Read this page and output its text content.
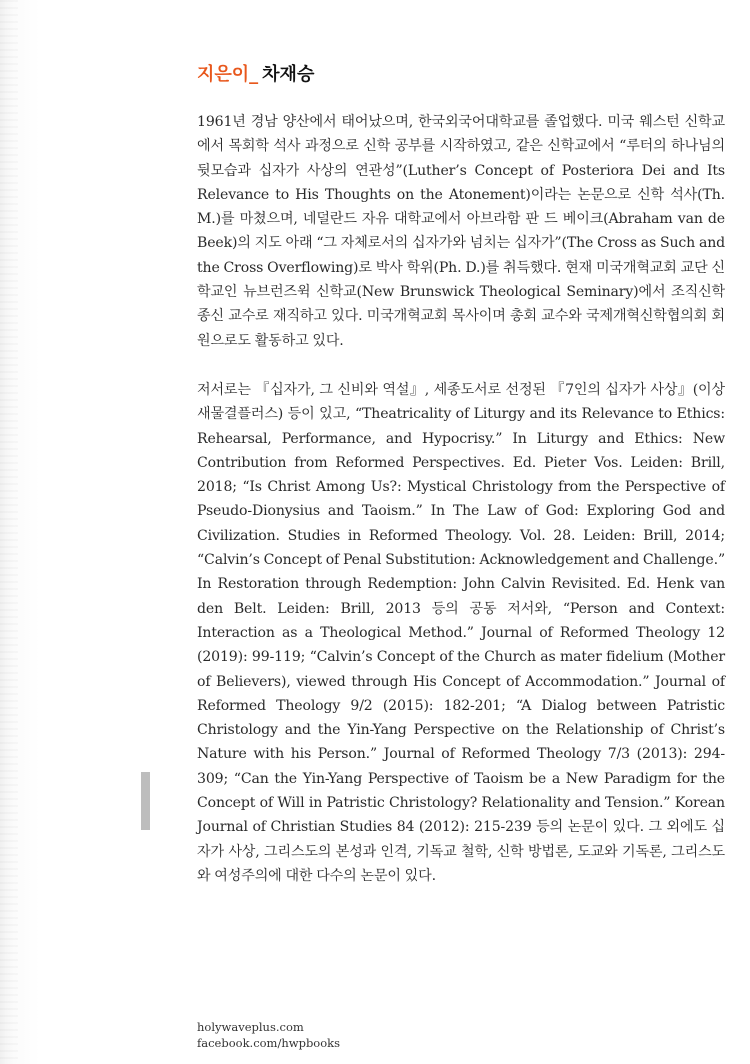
지은이_ 차재승

1961년 경남 양산에서 태어났으며, 한국외국어대학교를 졸업했다. 미국 웨스턴 신학교에서 목회학 석사 과정으로 신학 공부를 시작하였고, 같은 신학교에서 “루터의 하나님의 뒷모습과 십자가 사상의 연관성”(Luther’s Concept of Posteriora Dei and Its Relevance to His Thoughts on the Atonement)이라는 논문으로 신학 석사(Th. M.)를 마쳤으며, 네덜란드 자유 대학교에서 아브라함 판 드 베이크(Abraham van de Beek)의 지도 아래 “그 자체로서의 십자가와 넘치는 십자가”(The Cross as Such and the Cross Overflowing)로 박사 학위(Ph. D.)를 취득했다. 현재 미국개혁교회 교단 신학교인 뉴브런즈윅 신학교(New Brunswick Theological Seminary)에서 조직신학 종신 교수로 재직하고 있다. 미국개혁교회 목사이며 총회 교수와 국제개혁신학협의회 회원으로도 활동하고 있다.

저서로는 『십자가, 그 신비와 역설』, 세종도서로 선정된 『7인의 십자가 사상』(이상 새물결플러스) 등이 있고, “Theatricality of Liturgy and its Relevance to Ethics: Rehearsal, Performance, and Hypocrisy.” In Liturgy and Ethics: New Contribution from Reformed Perspectives. Ed. Pieter Vos. Leiden: Brill, 2018; “Is Christ Among Us?: Mystical Christology from the Perspective of Pseudo-Dionysius and Taoism.” In The Law of God: Exploring God and Civilization. Studies in Reformed Theology. Vol. 28. Leiden: Brill, 2014; “Calvin’s Concept of Penal Substitution: Acknowledgement and Challenge.” In Restoration through Redemption: John Calvin Revisited. Ed. Henk van den Belt. Leiden: Brill, 2013 등의 공동 저서와, “Person and Context: Interaction as a Theological Method.” Journal of Reformed Theology 12 (2019): 99-119; “Calvin’s Concept of the Church as mater fidelium (Mother of Believers), viewed through His Concept of Accommodation.” Journal of Reformed Theology 9/2 (2015): 182-201; “A Dialog between Patristic Christology and the Yin-Yang Perspective on the Relationship of Christ’s Nature with his Person.” Journal of Reformed Theology 7/3 (2013): 294-309; “Can the Yin-Yang Perspective of Taoism be a New Paradigm for the Concept of Will in Patristic Christology? Relationality and Tension.” Korean Journal of Christian Studies 84 (2012): 215-239 등의 논문이 있다. 그 외에도 십자가 사상, 그리스도의 본성과 인격, 기독교 철학, 신학 방법론, 도교와 기독론, 그리스도와 여성주의에 대한 다수의 논문이 있다.

holywaveplus.com
facebook.com/hwpbooks
